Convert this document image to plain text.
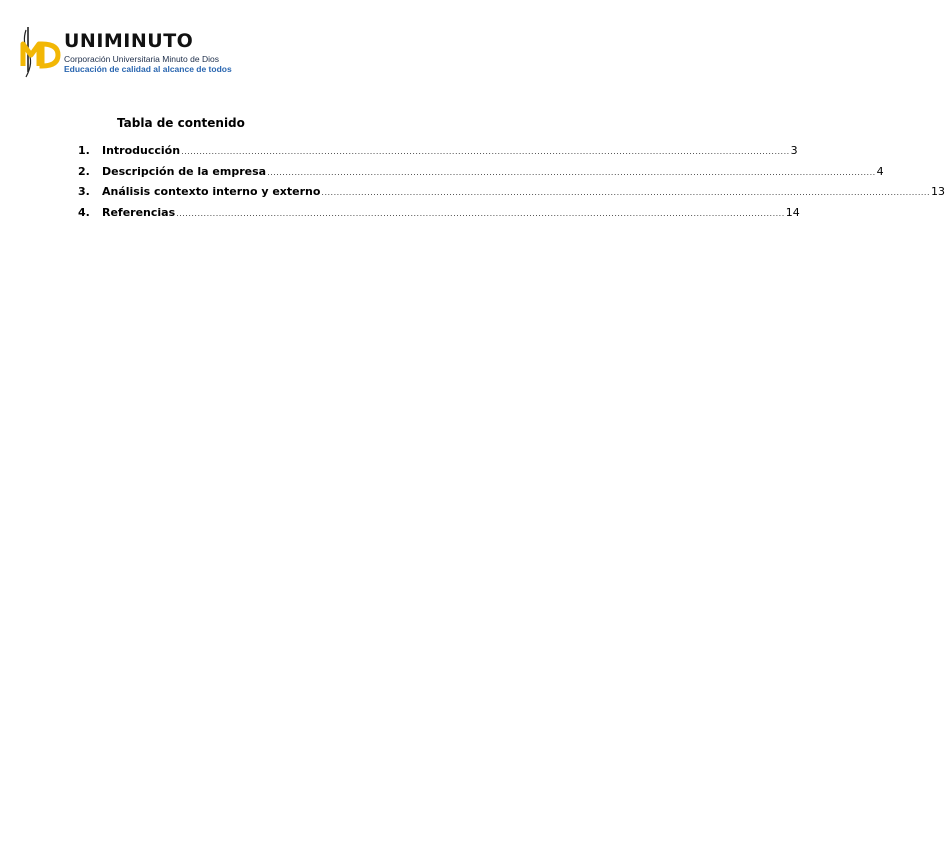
UNIMINUTO
Corporación Universitaria Minuto de Dios
Educación de calidad al alcance de todos
Tabla de contenido
1.	Introducción ........................................................................................................................................................................................................ 3
2.	Descripción de la empresa ........................................................................................................................................................................................................ 4
3.	Análisis contexto interno y externo ........................................................................................................................................................................................................ 13
4.	Referencias ........................................................................................................................................................................................................ 14
